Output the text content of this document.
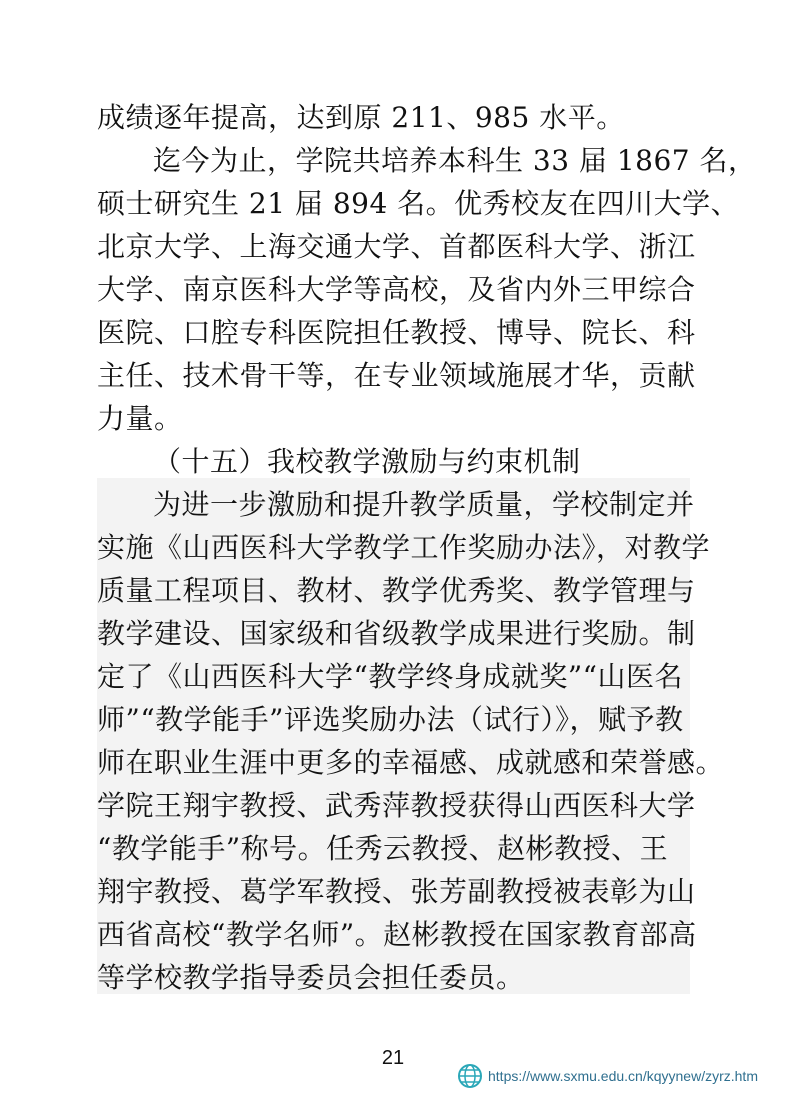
成绩逐年提高，达到原 211、985 水平。
迄今为止，学院共培养本科生 33 届 1867 名，
硕士研究生 21 届 894 名。优秀校友在四川大学、
北京大学、上海交通大学、首都医科大学、浙江
大学、南京医科大学等高校，及省内外三甲综合
医院、口腔专科医院担任教授、博导、院长、科
主任、技术骨干等，在专业领域施展才华，贡献
力量。
（十五）我校教学激励与约束机制
为进一步激励和提升教学质量，学校制定并
实施《山西医科大学教学工作奖励办法》，对教学
质量工程项目、教材、教学优秀奖、教学管理与
教学建设、国家级和省级教学成果进行奖励。制
定了《山西医科大学“教学终身成就奖”“山医名
师”“教学能手”评选奖励办法（试行）》，赋予教
师在职业生涯中更多的幸福感、成就感和荣誉感。
学院王翔宇教授、武秀萍教授获得山西医科大学
“教学能手”称号。任秀云教授、赵彬教授、王
翔宇教授、葛学军教授、张芳副教授被表彰为山
西省高校“教学名师”。赵彬教授在国家教育部高
等学校教学指导委员会担任委员。
21
https://www.sxmu.edu.cn/kqyynew/zyrz.htm
